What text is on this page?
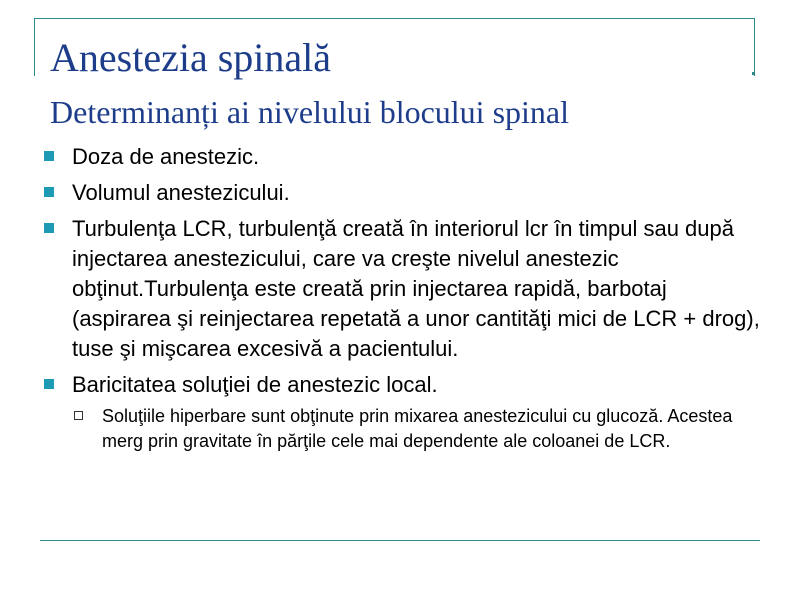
Anestezia spinală
Determinanți ai nivelului blocului spinal
Doza de anestezic.
Volumul anestezicului.
Turbulenţa LCR, turbulenţă creată în interiorul lcr în timpul sau după injectarea anestezicului, care va creşte nivelul anestezic obţinut.Turbulenţa este creată prin injectarea rapidă, barbotaj (aspirarea şi reinjectarea repetată a unor cantităţi mici de LCR + drog), tuse şi mişcarea excesivă a pacientului.
Baricitatea soluţiei de anestezic local.
Soluţiile hiperbare sunt obţinute prin mixarea anestezicului cu glucoză. Acestea merg prin gravitate în părţile cele mai dependente ale coloanei de LCR.
